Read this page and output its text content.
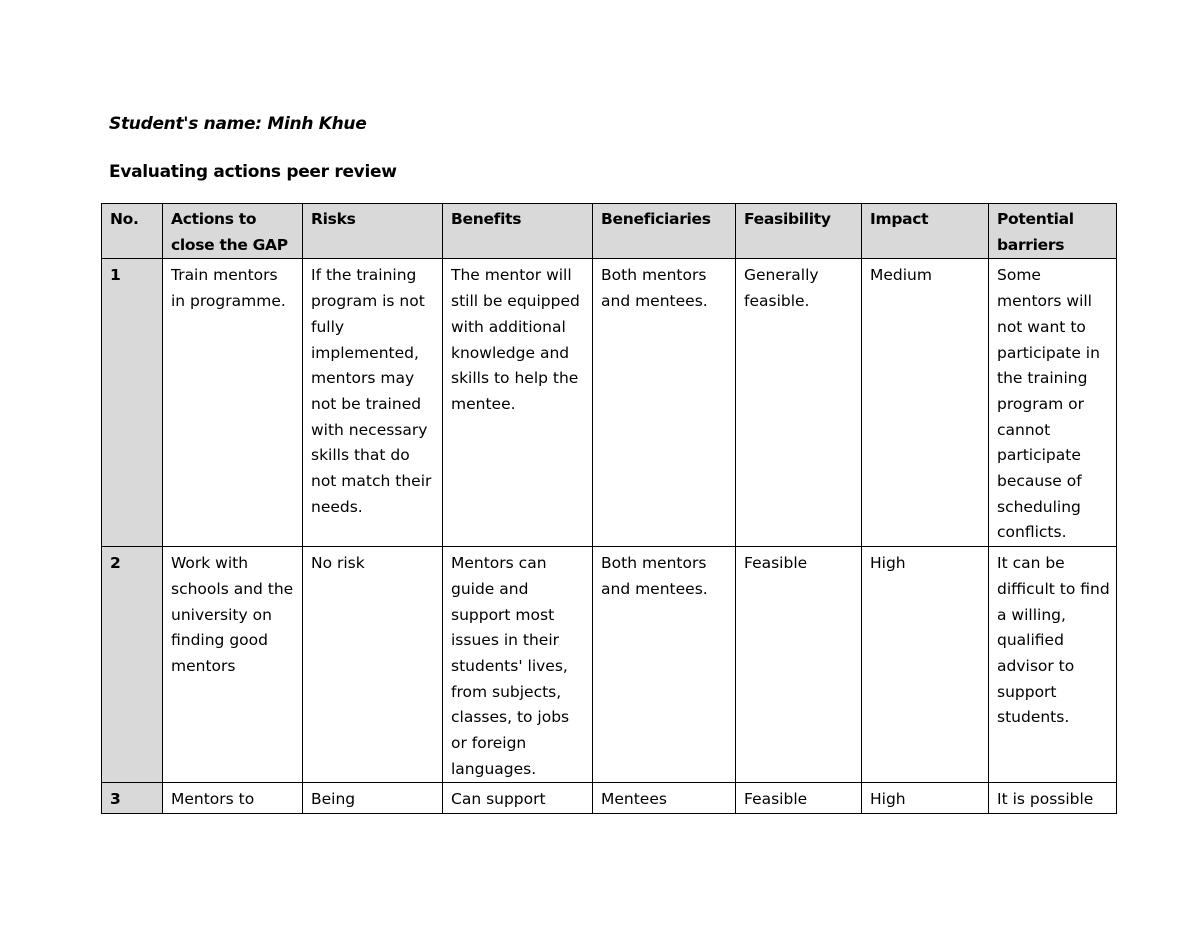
Student's name: Minh Khue
Evaluating actions peer review
No.	Actions to close the GAP	Risks	Benefits	Beneficiaries	Feasibility	Impact	Potential barriers
1	Train mentors in programme.	If the training program is not fully implemented, mentors may not be trained with necessary skills that do not match their needs.	The mentor will still be equipped with additional knowledge and skills to help the mentee.	Both mentors and mentees.	Generally feasible.	Medium	Some mentors will not want to participate in the training program or cannot participate because of scheduling conflicts.
2	Work with schools and the university on finding good mentors	No risk	Mentors can guide and support most issues in their students' lives, from subjects, classes, to jobs or foreign languages.	Both mentors and mentees.	Feasible	High	It can be difficult to find a willing, qualified advisor to support students.
3	Mentors to	Being	Can support	Mentees	Feasible	High	It is possible
